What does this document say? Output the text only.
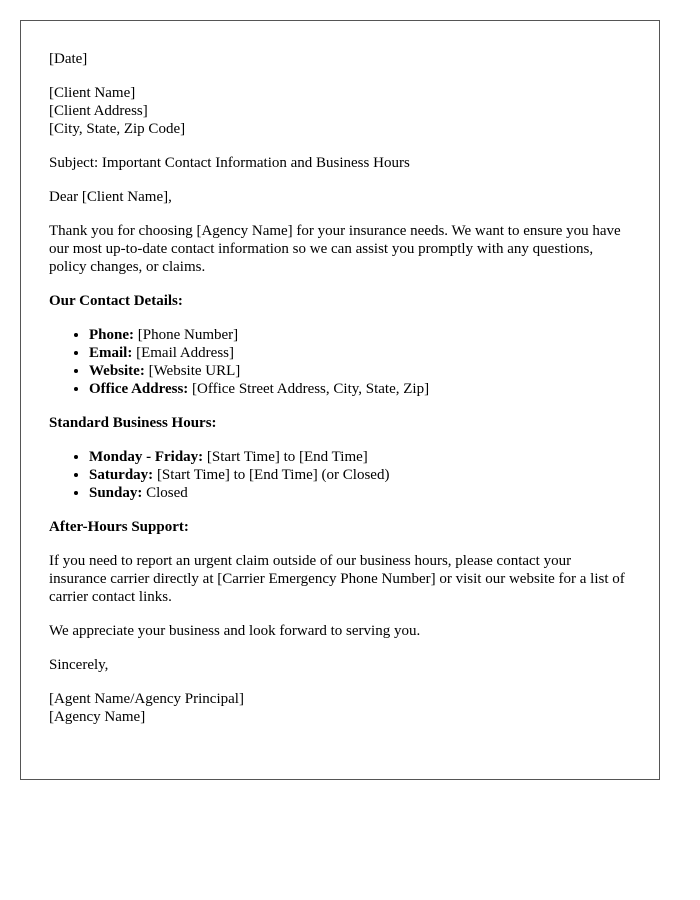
[Date]

[Client Name]
[Client Address]
[City, State, Zip Code]

Subject: Important Contact Information and Business Hours

Dear [Client Name],

Thank you for choosing [Agency Name] for your insurance needs. We want to ensure you have our most up-to-date contact information so we can assist you promptly with any questions, policy changes, or claims.

Our Contact Details:
• Phone: [Phone Number]
• Email: [Email Address]
• Website: [Website URL]
• Office Address: [Office Street Address, City, State, Zip]
Standard Business Hours:
• Monday - Friday: [Start Time] to [End Time]
• Saturday: [Start Time] to [End Time] (or Closed)
• Sunday: Closed
After-Hours Support:

If you need to report an urgent claim outside of our business hours, please contact your insurance carrier directly at [Carrier Emergency Phone Number] or visit our website for a list of carrier contact links.

We appreciate your business and look forward to serving you.

Sincerely,

[Agent Name/Agency Principal]
[Agency Name]
